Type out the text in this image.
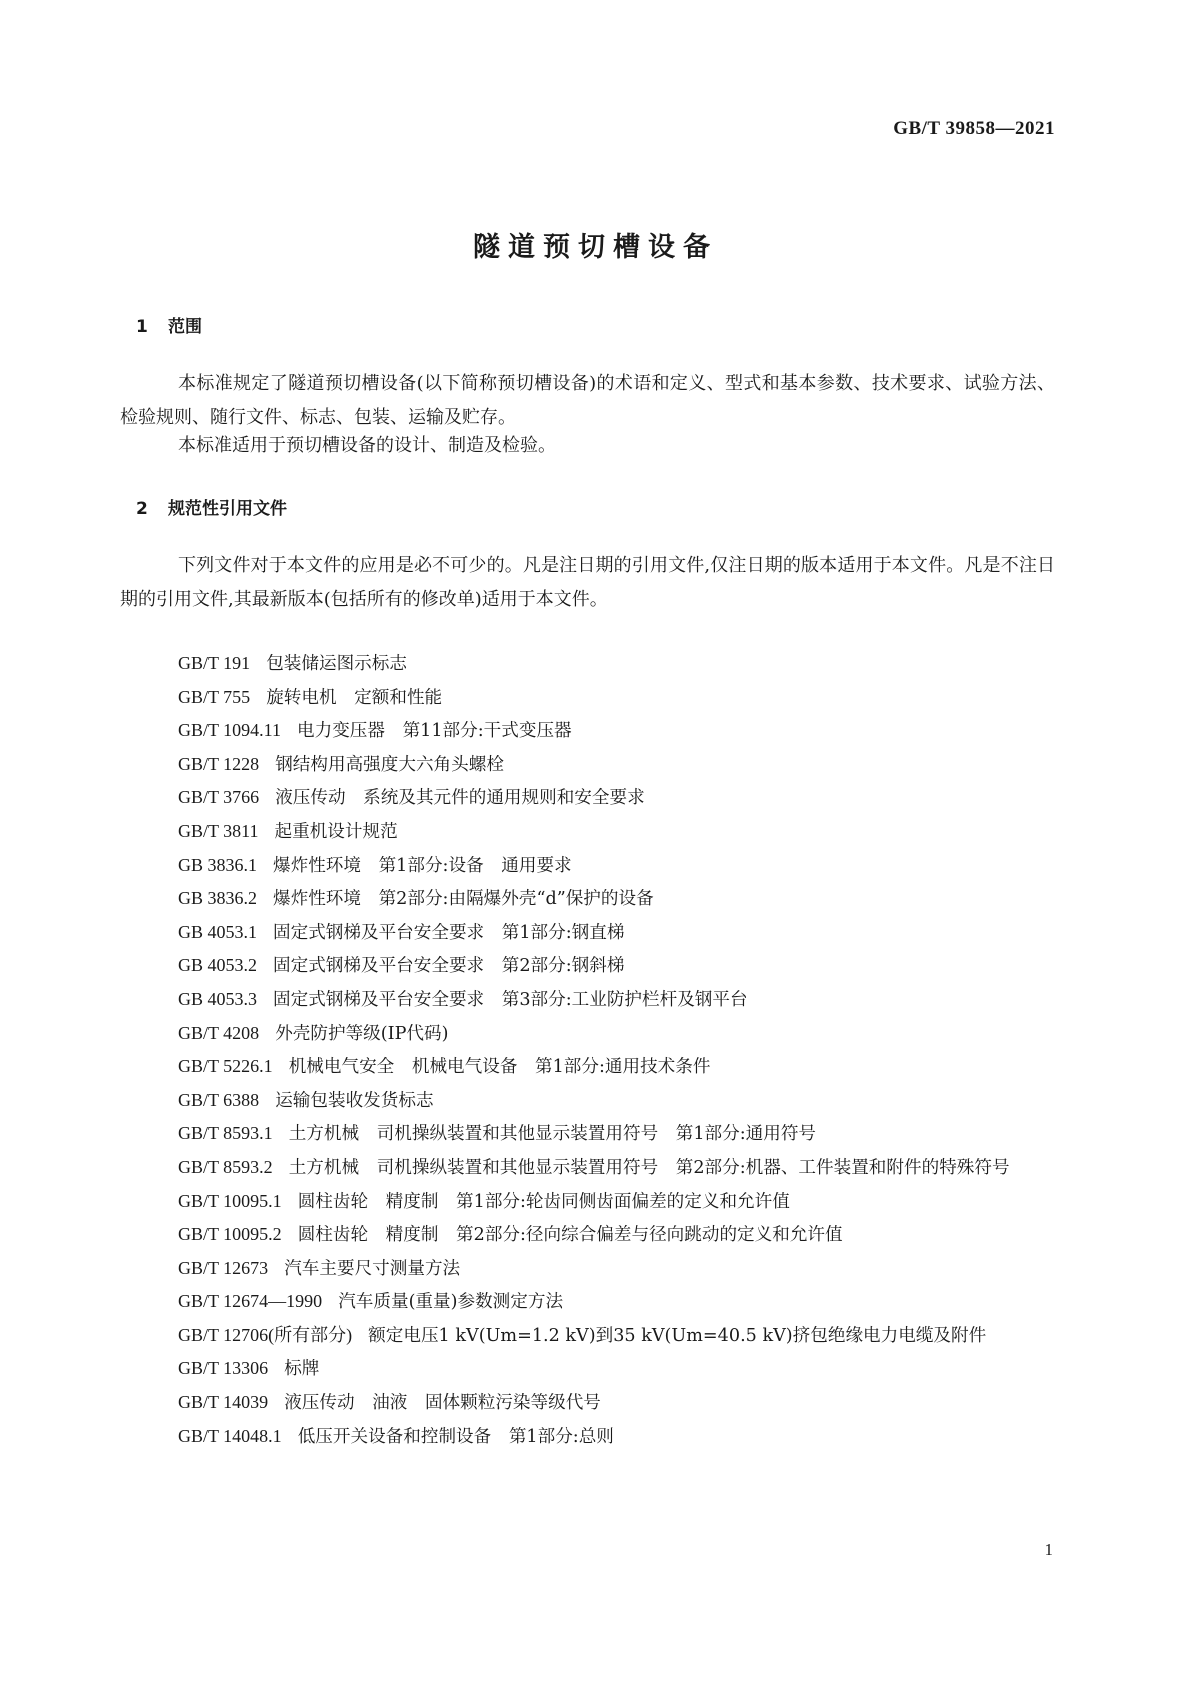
GB/T 39858—2021
隧道预切槽设备
1 范围

本标准规定了隧道预切槽设备(以下简称预切槽设备)的术语和定义、型式和基本参数、技术要求、试验方法、检验规则、随行文件、标志、包装、运输及贮存。

本标准适用于预切槽设备的设计、制造及检验。

2 规范性引用文件

下列文件对于本文件的应用是必不可少的。凡是注日期的引用文件,仅注日期的版本适用于本文件。凡是不注日期的引用文件,其最新版本(包括所有的修改单)适用于本文件。

GB/T 191 包装储运图示标志
GB/T 755 旋转电机　定额和性能
GB/T 1094.11 电力变压器　第11部分:干式变压器
GB/T 1228 钢结构用高强度大六角头螺栓
GB/T 3766 液压传动　系统及其元件的通用规则和安全要求
GB/T 3811 起重机设计规范
GB 3836.1 爆炸性环境　第1部分:设备　通用要求
GB 3836.2 爆炸性环境　第2部分:由隔爆外壳“d”保护的设备
GB 4053.1 固定式钢梯及平台安全要求　第1部分:钢直梯
GB 4053.2 固定式钢梯及平台安全要求　第2部分:钢斜梯
GB 4053.3 固定式钢梯及平台安全要求　第3部分:工业防护栏杆及钢平台
GB/T 4208 外壳防护等级(IP代码)
GB/T 5226.1 机械电气安全　机械电气设备　第1部分:通用技术条件
GB/T 6388 运输包装收发货标志
GB/T 8593.1 土方机械　司机操纵装置和其他显示装置用符号　第1部分:通用符号
GB/T 8593.2 土方机械　司机操纵装置和其他显示装置用符号　第2部分:机器、工件装置和附件的特殊符号
GB/T 10095.1 圆柱齿轮　精度制　第1部分:轮齿同侧齿面偏差的定义和允许值
GB/T 10095.2 圆柱齿轮　精度制　第2部分:径向综合偏差与径向跳动的定义和允许值
GB/T 12673 汽车主要尺寸测量方法
GB/T 12674—1990 汽车质量(重量)参数测定方法
GB/T 12706(所有部分) 额定电压1 kV(Um=1.2 kV)到35 kV(Um=40.5 kV)挤包绝缘电力电缆及附件
GB/T 13306 标牌
GB/T 14039 液压传动　油液　固体颗粒污染等级代号
GB/T 14048.1 低压开关设备和控制设备　第1部分:总则
1
